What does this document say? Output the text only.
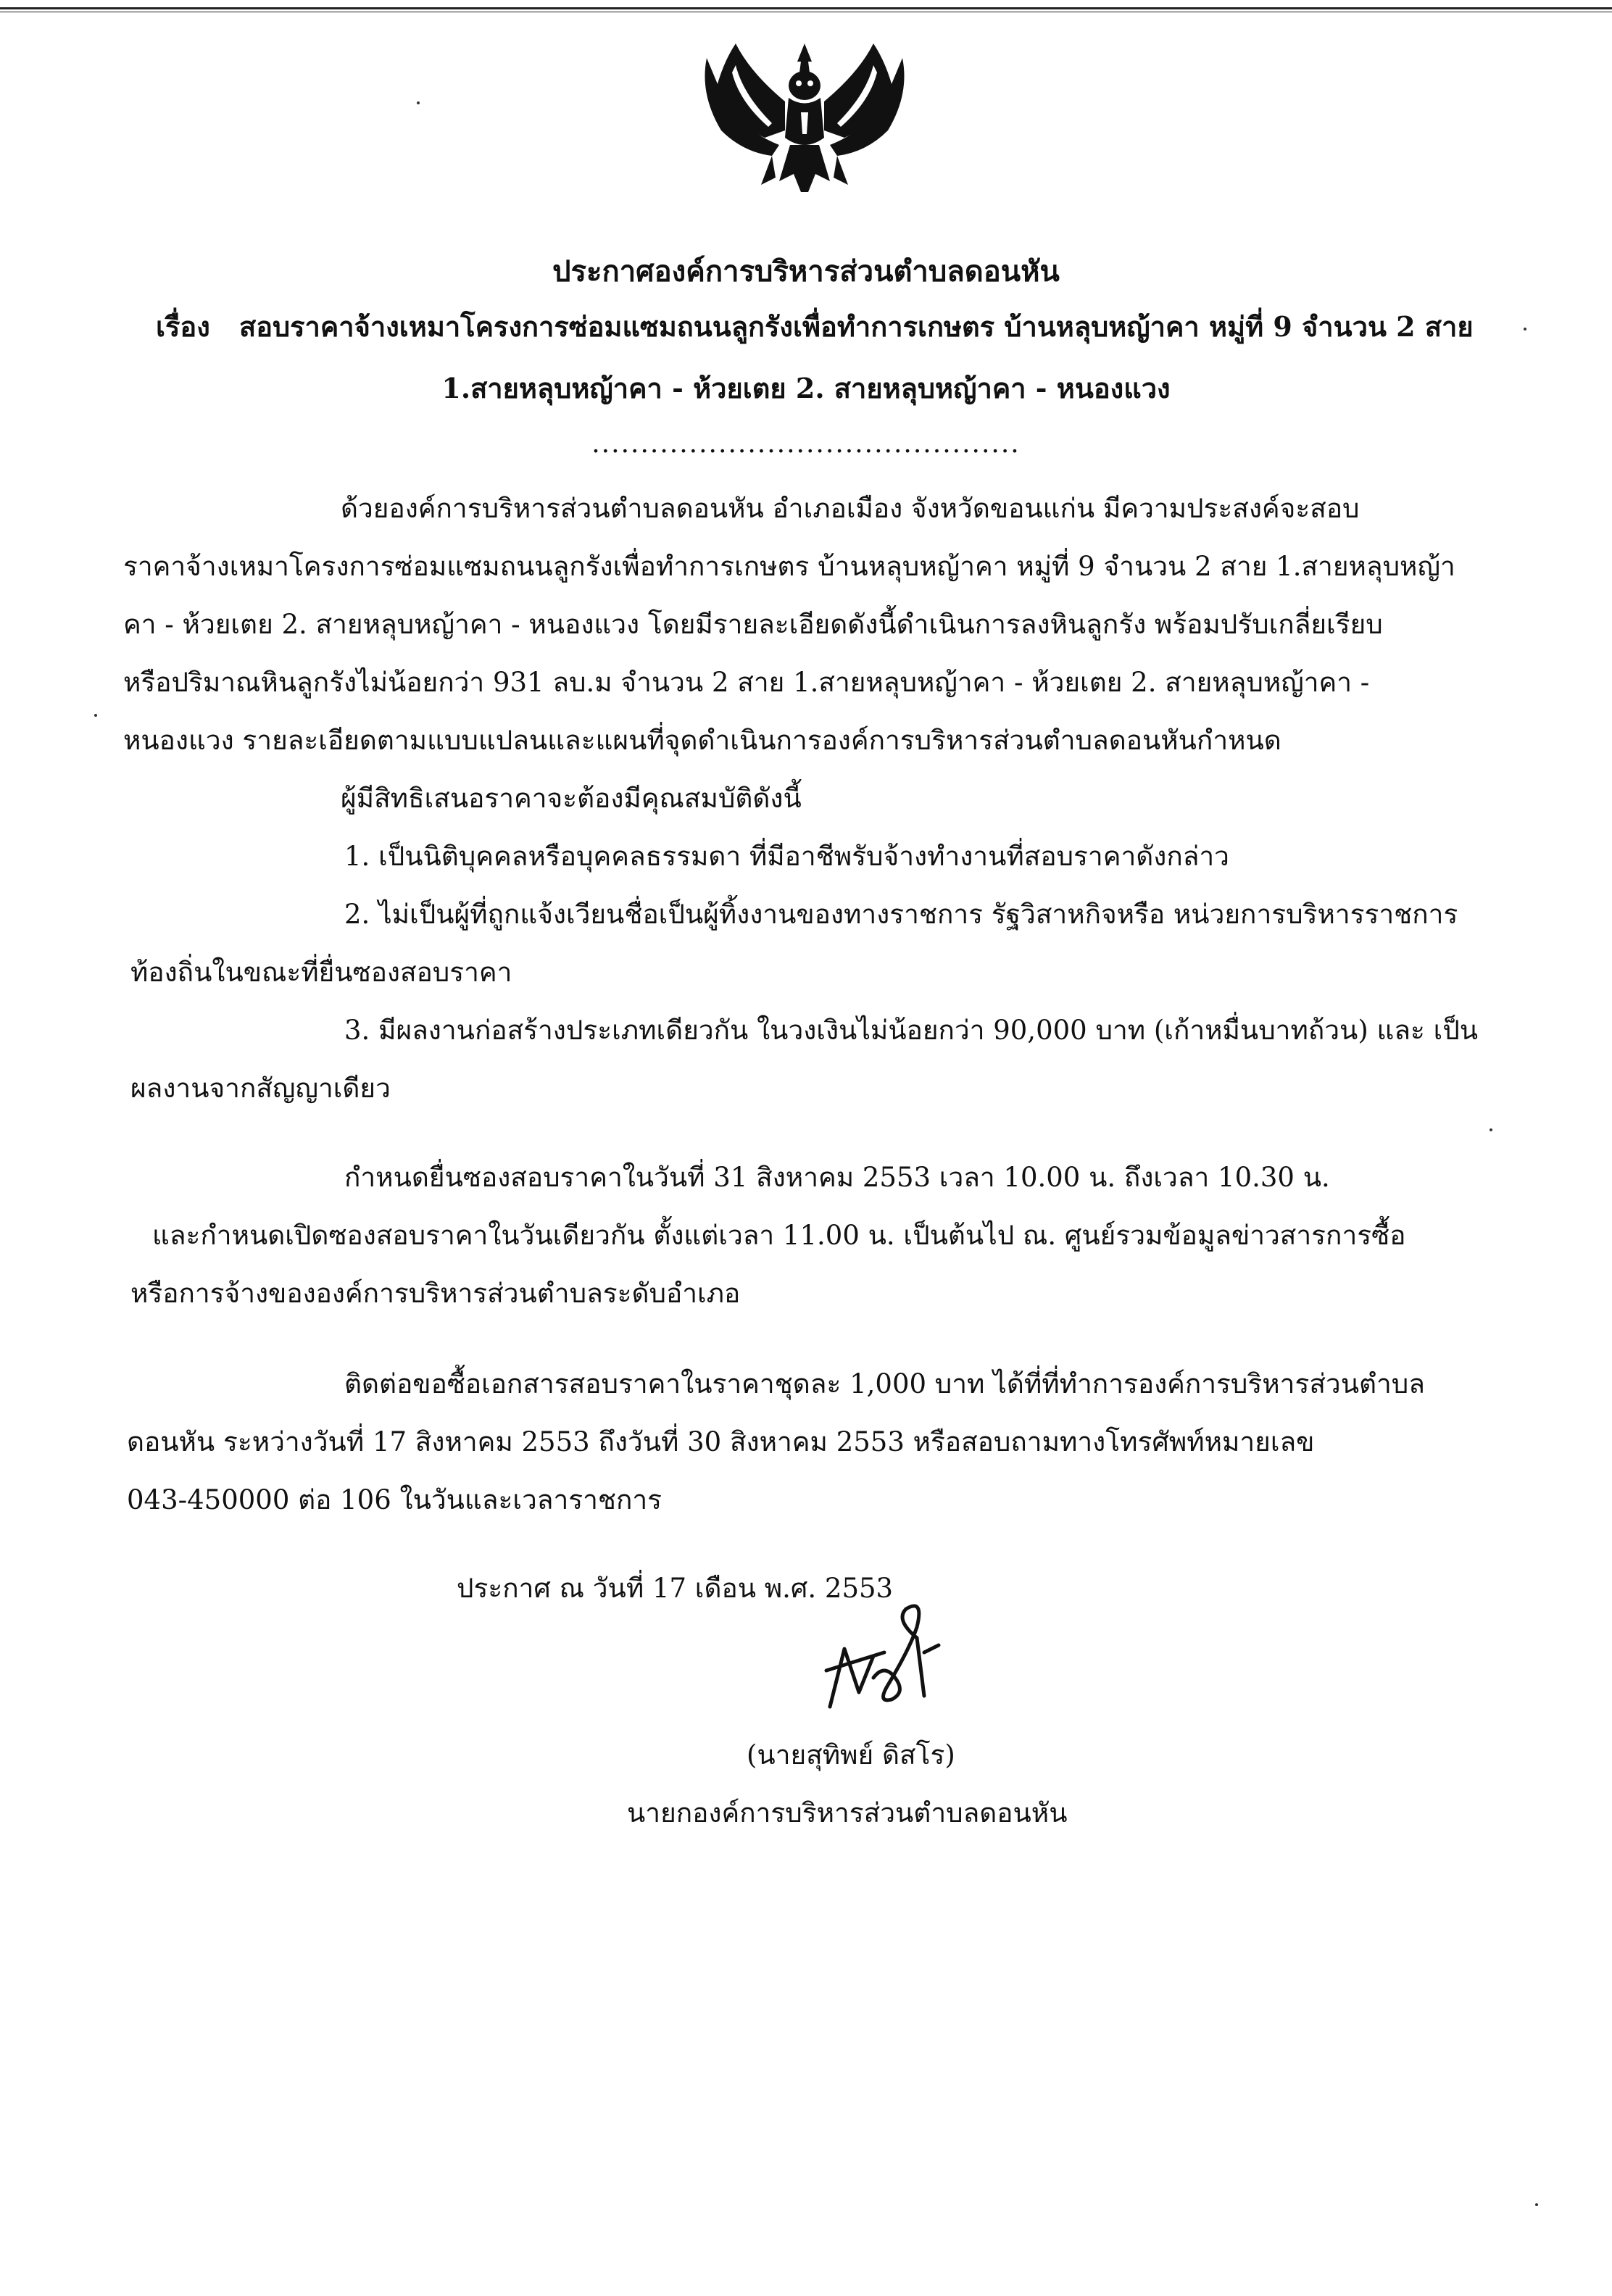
ประกาศองค์การบริหารส่วนตำบลดอนหัน
เรื่อง สอบราคาจ้างเหมาโครงการซ่อมแซมถนนลูกรังเพื่อทำการเกษตร บ้านหลุบหญ้าคา หมู่ที่ 9 จำนวน 2 สาย
1.สายหลุบหญ้าคา - ห้วยเตย 2. สายหลุบหญ้าคา - หนองแวง
............................................
ด้วยองค์การบริหารส่วนตำบลดอนหัน อำเภอเมือง จังหวัดขอนแก่น มีความประสงค์จะสอบ
ราคาจ้างเหมาโครงการซ่อมแซมถนนลูกรังเพื่อทำการเกษตร บ้านหลุบหญ้าคา หมู่ที่ 9 จำนวน 2 สาย 1.สายหลุบหญ้า
คา - ห้วยเตย 2. สายหลุบหญ้าคา - หนองแวง โดยมีรายละเอียดดังนี้ดำเนินการลงหินลูกรัง พร้อมปรับเกลี่ยเรียบ
หรือปริมาณหินลูกรังไม่น้อยกว่า 931 ลบ.ม จำนวน 2 สาย 1.สายหลุบหญ้าคา - ห้วยเตย 2. สายหลุบหญ้าคา -
หนองแวง รายละเอียดตามแบบแปลนและแผนที่จุดดำเนินการองค์การบริหารส่วนตำบลดอนหันกำหนด
ผู้มีสิทธิเสนอราคาจะต้องมีคุณสมบัติดังนี้
1. เป็นนิติบุคคลหรือบุคคลธรรมดา ที่มีอาชีพรับจ้างทำงานที่สอบราคาดังกล่าว
2. ไม่เป็นผู้ที่ถูกแจ้งเวียนชื่อเป็นผู้ทิ้งงานของทางราชการ รัฐวิสาหกิจหรือ หน่วยการบริหารราชการ
ท้องถิ่นในขณะที่ยื่นซองสอบราคา
3. มีผลงานก่อสร้างประเภทเดียวกัน ในวงเงินไม่น้อยกว่า 90,000 บาท (เก้าหมื่นบาทถ้วน) และ เป็น
ผลงานจากสัญญาเดียว
กำหนดยื่นซองสอบราคาในวันที่ 31 สิงหาคม 2553 เวลา 10.00 น. ถึงเวลา 10.30 น.
และกำหนดเปิดซองสอบราคาในวันเดียวกัน ตั้งแต่เวลา 11.00 น. เป็นต้นไป ณ. ศูนย์รวมข้อมูลข่าวสารการซื้อ
หรือการจ้างขององค์การบริหารส่วนตำบลระดับอำเภอ
ติดต่อขอซื้อเอกสารสอบราคาในราคาชุดละ 1,000 บาท ได้ที่ที่ทำการองค์การบริหารส่วนตำบล
ดอนหัน ระหว่างวันที่ 17 สิงหาคม 2553 ถึงวันที่ 30 สิงหาคม 2553 หรือสอบถามทางโทรศัพท์หมายเลข
043-450000 ต่อ 106 ในวันและเวลาราชการ
ประกาศ ณ วันที่ 17 เดือน พ.ศ. 2553
(นายสุทิพย์ ดิสโร)
นายกองค์การบริหารส่วนตำบลดอนหัน
